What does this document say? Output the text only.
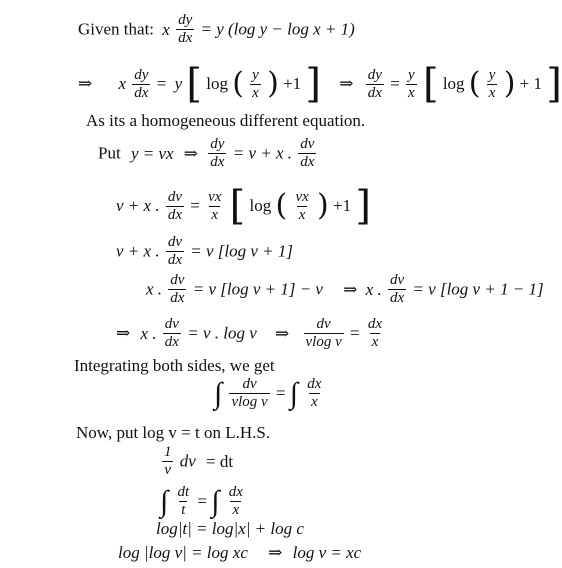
Given that: x $\frac{dy}{dx} = y$ (log y − log x + 1)
⇒ x $\frac{dy}{dx} = y$ [ log ( $\frac{y}{x}$ ) +1 ] ⇒ $\frac{dy}{dx} = \frac{y}{x}$ [ log ( $\frac{y}{x}$ ) + 1 ]
As its a homogeneous different equation.
Put y = vx ⇒ $\frac{dy}{dx} = v + x$ . $\frac{dv}{dx}$
v + x . $\frac{dv}{dx} = \frac{vx}{x}$ [ log ( $\frac{vx}{x}$ ) +1 ]
v + x . $\frac{dv}{dx} = v$ [log v + 1]
x . $\frac{dv}{dx} = v$ [log v + 1] − v ⇒ x . $\frac{dv}{dx} = v$ [log v + 1 − 1]
⇒ x . $\frac{dv}{dx} = v$ . log v ⇒ $\frac{dv}{\text{vlog v}} = \frac{dx}{x}$
Integrating both sides, we get
∫ $\frac{dv}{\text{vlog v}}$ = ∫ $\frac{dx}{x}$
Now, put log v = t on L.H.S.
$\frac{1}{v}$ dv = dt
∫ $\frac{dt}{t}$ = ∫ $\frac{dx}{x}$
log|t| = log|x| + log c
log |log v| = log xc ⇒ log v = xc
